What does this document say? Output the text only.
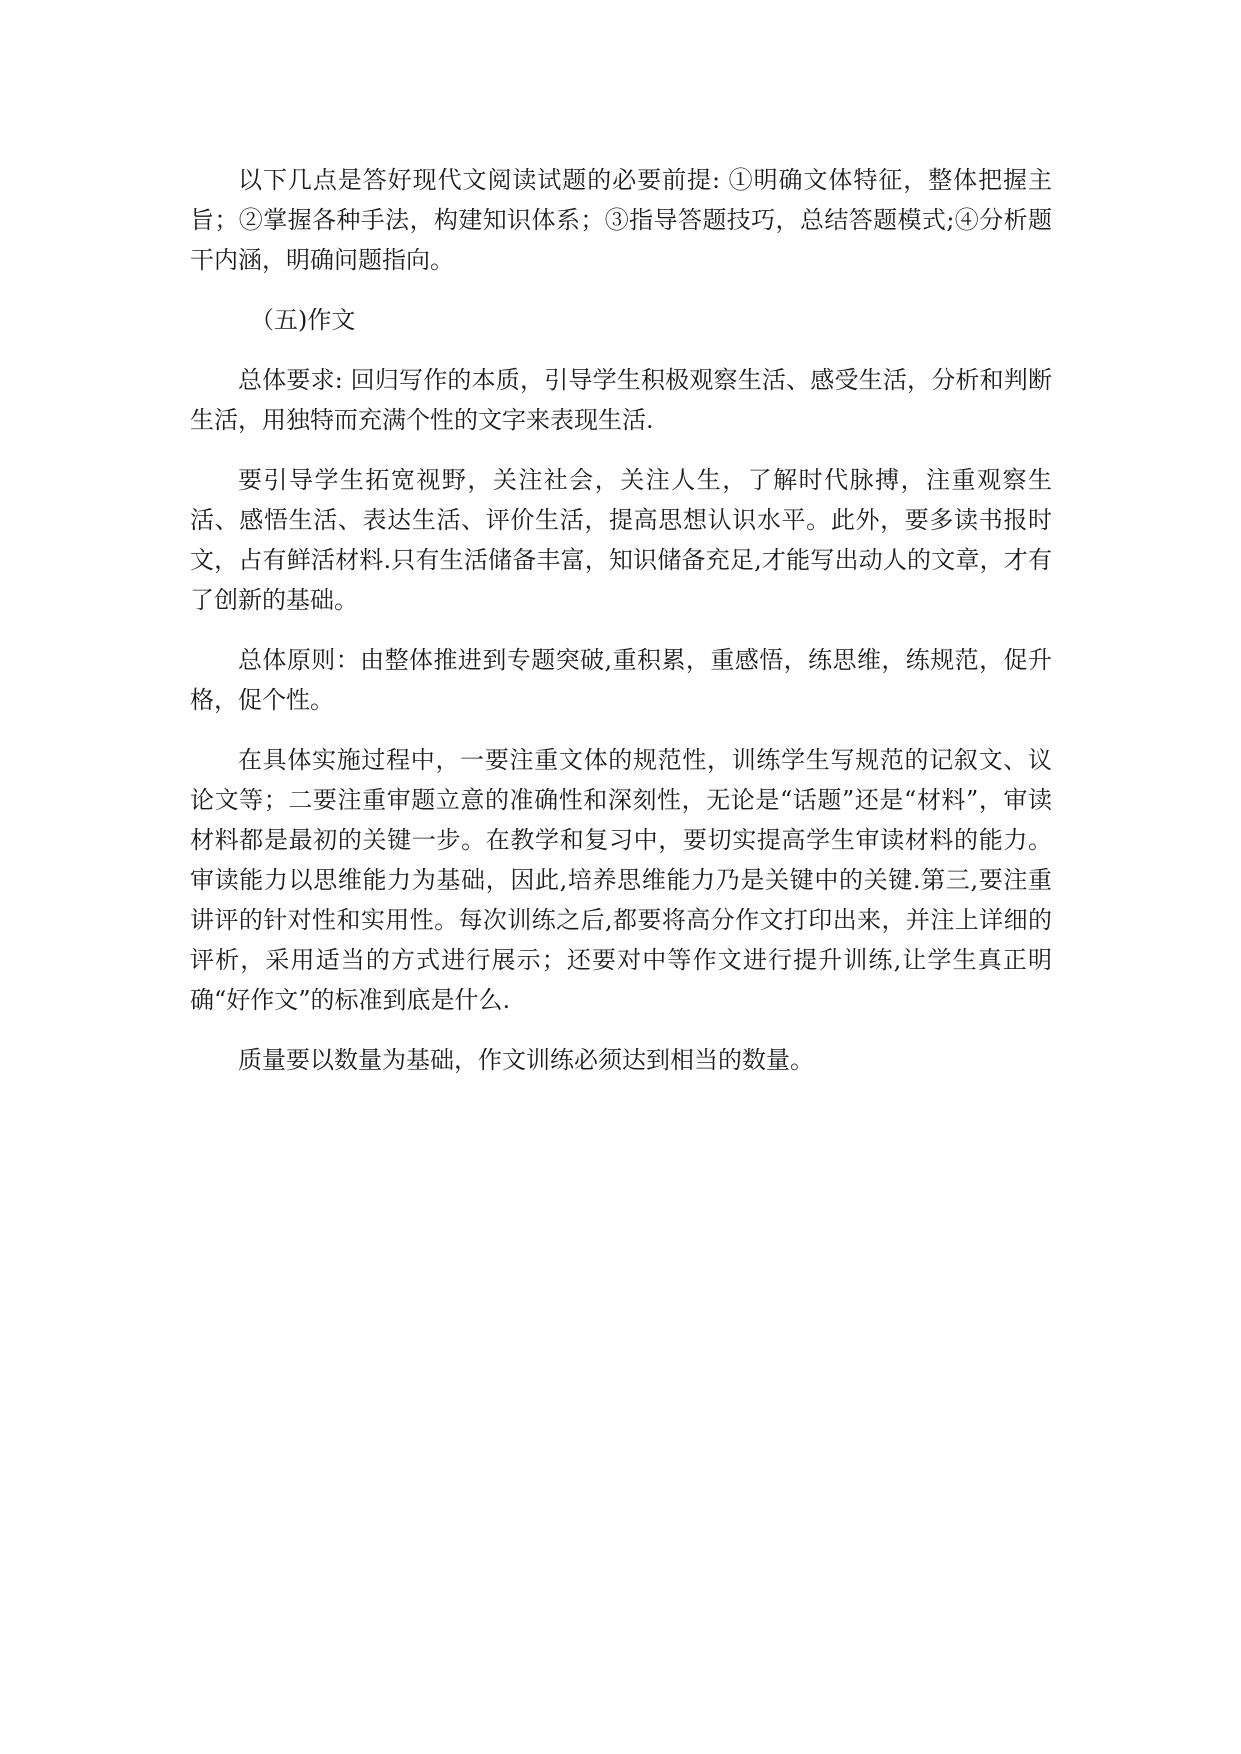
以下几点是答好现代文阅读试题的必要前提: ①明确文体特征，整体把握主旨；②掌握各种手法，构建知识体系；③指导答题技巧，总结答题模式;④分析题干内涵，明确问题指向。

（五)作文

总体要求: 回归写作的本质，引导学生积极观察生活、感受生活，分析和判断生活，用独特而充满个性的文字来表现生活.

要引导学生拓宽视野，关注社会，关注人生，了解时代脉搏，注重观察生活、感悟生活、表达生活、评价生活，提高思想认识水平。此外，要多读书报时文，占有鲜活材料.只有生活储备丰富，知识储备充足,才能写出动人的文章，才有了创新的基础。

总体原则：由整体推进到专题突破,重积累，重感悟，练思维，练规范，促升格，促个性。

在具体实施过程中，一要注重文体的规范性，训练学生写规范的记叙文、议论文等；二要注重审题立意的准确性和深刻性，无论是“话题”还是“材料”，审读材料都是最初的关键一步。在教学和复习中，要切实提高学生审读材料的能力。审读能力以思维能力为基础，因此,培养思维能力乃是关键中的关键.第三,要注重讲评的针对性和实用性。每次训练之后,都要将高分作文打印出来，并注上详细的评析，采用适当的方式进行展示；还要对中等作文进行提升训练,让学生真正明确“好作文”的标准到底是什么.

质量要以数量为基础，作文训练必须达到相当的数量。
